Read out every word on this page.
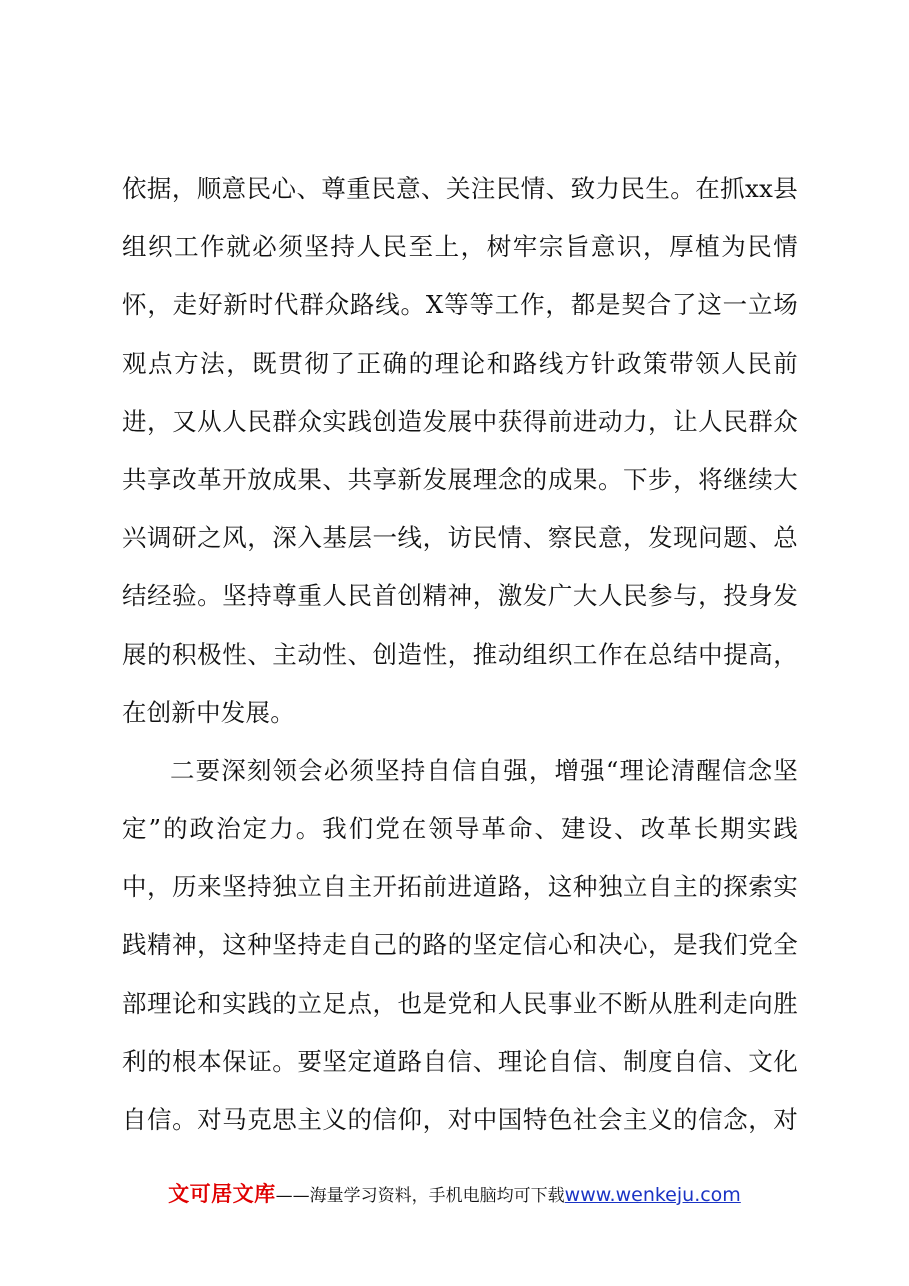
依据，顺意民心、尊重民意、关注民情、致力民生。在抓xx县
组织工作就必须坚持人民至上，树牢宗旨意识，厚植为民情
怀，走好新时代群众路线。X等等工作，都是契合了这一立场
观点方法，既贯彻了正确的理论和路线方针政策带领人民前
进，又从人民群众实践创造发展中获得前进动力，让人民群众
共享改革开放成果、共享新发展理念的成果。下步，将继续大
兴调研之风，深入基层一线，访民情、察民意，发现问题、总
结经验。坚持尊重人民首创精神，激发广大人民参与，投身发
展的积极性、主动性、创造性，推动组织工作在总结中提高，
在创新中发展。
二要深刻领会必须坚持自信自强，增强“理论清醒信念坚
定”的政治定力。我们党在领导革命、建设、改革长期实践
中，历来坚持独立自主开拓前进道路，这种独立自主的探索实
践精神，这种坚持走自己的路的坚定信心和决心，是我们党全
部理论和实践的立足点，也是党和人民事业不断从胜利走向胜
利的根本保证。要坚定道路自信、理论自信、制度自信、文化
自信。对马克思主义的信仰，对中国特色社会主义的信念，对
文可居文库 ——海量学习资料，手机电脑均可下载 www.wenkeju.com
